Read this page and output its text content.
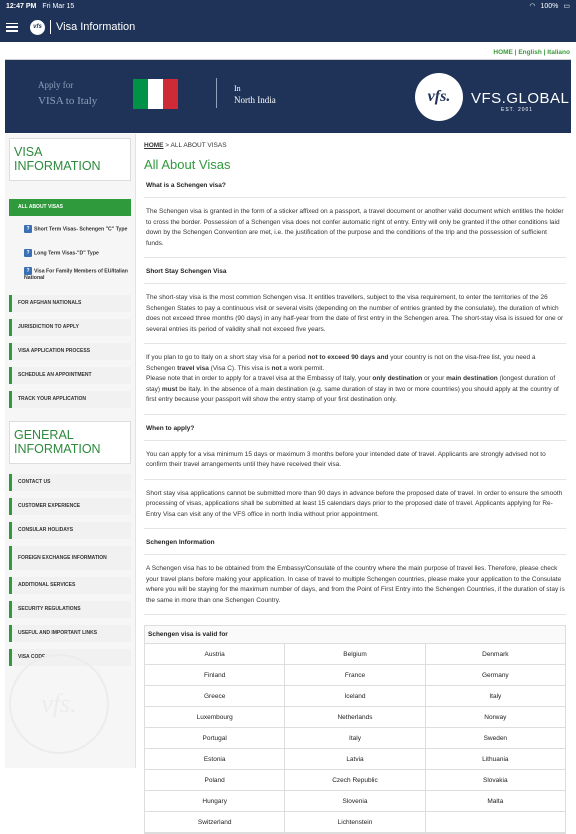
12:47 PM Fri Mar 15	◠ 100% ▭
vfs Visa Information
HOME | English | Italiano
Apply for
VISA to Italy
In
North India	vfs.	VFS.GLOBAL
EST. 2001
VISA INFORMATION
ALL ABOUT VISAS
? Short Term Visas- Schengen "C" Type
? Long Term Visas-"D" Type
? Visa For Family Members of EU/Italian National
FOR AFGHAN NATIONALS
JURISDICTION TO APPLY
VISA APPLICATION PROCESS
SCHEDULE AN APPOINTMENT
TRACK YOUR APPLICATION
GENERAL INFORMATION
CONTACT US
CUSTOMER EXPERIENCE
CONSULAR HOLIDAYS
FOREIGN EXCHANGE INFORMATION
ADDITIONAL SERVICES
SECURITY REGULATIONS
USEFUL AND IMPORTANT LINKS
VISA CODE
vfs.
HOME > ALL ABOUT VISAS
All About Visas
What is a Schengen visa?
The Schengen visa is granted in the form of a sticker affixed on a passport, a travel document or another valid document which entitles the holder to cross the border. Possession of a Schengen visa does not confer automatic right of entry. Entry will only be granted if the other conditions laid down by the Schengen Convention are met, i.e. the justification of the purpose and the conditions of the trip and the possession of sufficient funds.
Short Stay Schengen Visa
The short-stay visa is the most common Schengen visa. It entitles travellers, subject to the visa requirement, to enter the territories of the 26 Schengen States to pay a continuous visit or several visits (depending on the number of entries granted by the consulate), the duration of which does not exceed three months (90 days) in any half-year from the date of first entry in the Schengen area. The short-stay visa is issued for one or several entries its period of validity shall not exceed five years.
If you plan to go to Italy on a short stay visa for a period not to exceed 90 days and your country is not on the visa-free list, you need a Schengen travel visa (Visa C). This visa is not a work permit.
Please note that in order to apply for a travel visa at the Embassy of Italy, your only destination or your main destination (longest duration of stay) must be Italy. In the absence of a main destination (e.g. same duration of stay in two or more countries) you should apply at the country of first entry because your passport will show the entry stamp of your first destination only.
When to apply?
You can apply for a visa minimum 15 days or maximum 3 months before your intended date of travel. Applicants are strongly advised not to confirm their travel arrangements until they have received their visa.
Short stay visa applications cannot be submitted more than 90 days in advance before the proposed date of travel. In order to ensure the smooth processing of visas, applications shall be submitted at least 15 calendars days prior to the proposed date of travel. Applicants applying for Re-Entry Visa can visit any of the VFS office in north India without prior appointment.
Schengen Information
A Schengen visa has to be obtained from the Embassy/Consulate of the country where the main purpose of travel lies. Therefore, please check your travel plans before making your application. In case of travel to multiple Schengen countries, please make your application to the Consulate where you will be staying for the maximum number of days, and from the Point of First Entry into the Schengen Countries, if the duration of stay is the same in more than one Schengen Country.
Schengen visa is valid for
Austria	Belgium	Denmark
Finland	France	Germany
Greece	Iceland	Italy
Luxembourg	Netherlands	Norway
Portugal	Italy	Sweden
Estonia	Latvia	Lithuania
Poland	Czech Republic	Slovakia
Hungary	Slovenia	Malta
Switzerland	Lichtenstein
